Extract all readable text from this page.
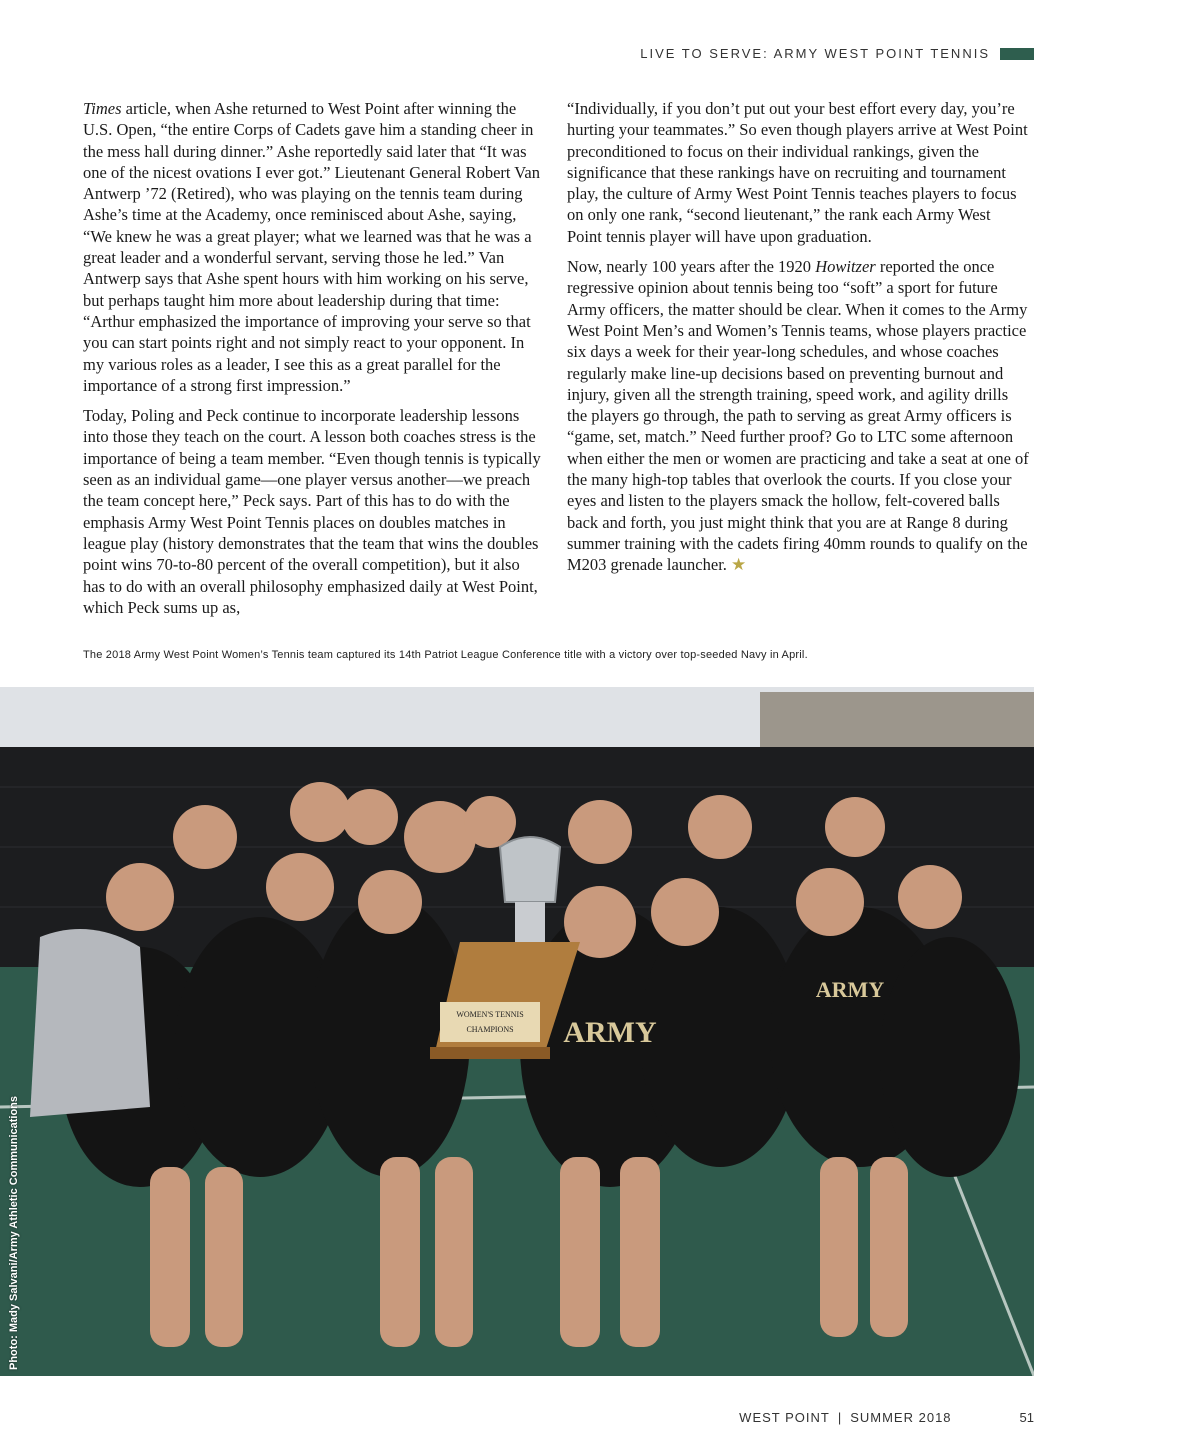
LIVE TO SERVE: ARMY WEST POINT TENNIS

Times article, when Ashe returned to West Point after winning the U.S. Open, “the entire Corps of Cadets gave him a standing cheer in the mess hall during dinner.” Ashe reportedly said later that “It was one of the nicest ovations I ever got.” Lieutenant General Robert Van Antwerp ’72 (Retired), who was playing on the tennis team during Ashe’s time at the Academy, once reminisced about Ashe, saying, “We knew he was a great player; what we learned was that he was a great leader and a wonderful servant, serving those he led.” Van Antwerp says that Ashe spent hours with him working on his serve, but perhaps taught him more about leadership during that time: “Arthur emphasized the importance of improving your serve so that you can start points right and not simply react to your opponent. In my various roles as a leader, I see this as a great parallel for the importance of a strong first impression.”

Today, Poling and Peck continue to incorporate leadership lessons into those they teach on the court. A lesson both coaches stress is the importance of being a team member. “Even though tennis is typically seen as an individual game—one player versus another—we preach the team concept here,” Peck says. Part of this has to do with the emphasis Army West Point Tennis places on doubles matches in league play (history demonstrates that the team that wins the doubles point wins 70-to-80 percent of the overall competition), but it also has to do with an overall philosophy emphasized daily at West Point, which Peck sums up as,

“Individually, if you don’t put out your best effort every day, you’re hurting your teammates.” So even though players arrive at West Point preconditioned to focus on their individual rankings, given the significance that these rankings have on recruiting and tournament play, the culture of Army West Point Tennis teaches players to focus on only one rank, “second lieutenant,” the rank each Army West Point tennis player will have upon graduation.

Now, nearly 100 years after the 1920 Howitzer reported the once regressive opinion about tennis being too “soft” a sport for future Army officers, the matter should be clear. When it comes to the Army West Point Men’s and Women’s Tennis teams, whose players practice six days a week for their year-long schedules, and whose coaches regularly make line-up decisions based on preventing burnout and injury, given all the strength training, speed work, and agility drills the players go through, the path to serving as great Army officers is “game, set, match.” Need further proof? Go to LTC some afternoon when either the men or women are practicing and take a seat at one of the many high-top tables that overlook the courts. If you close your eyes and listen to the players smack the hollow, felt-covered balls back and forth, you just might think that you are at Range 8 during summer training with the cadets firing 40mm rounds to qualify on the M203 grenade launcher. ★

The 2018 Army West Point Women’s Tennis team captured its 14th Patriot League Conference title with a victory over top-seeded Navy in April.
WOMEN'S TENNIS
CHAMPIONS ARMY
ARMY
Photo: Mady Salvani/Army Athletic Communications
WEST POINT | SUMMER 2018	51
